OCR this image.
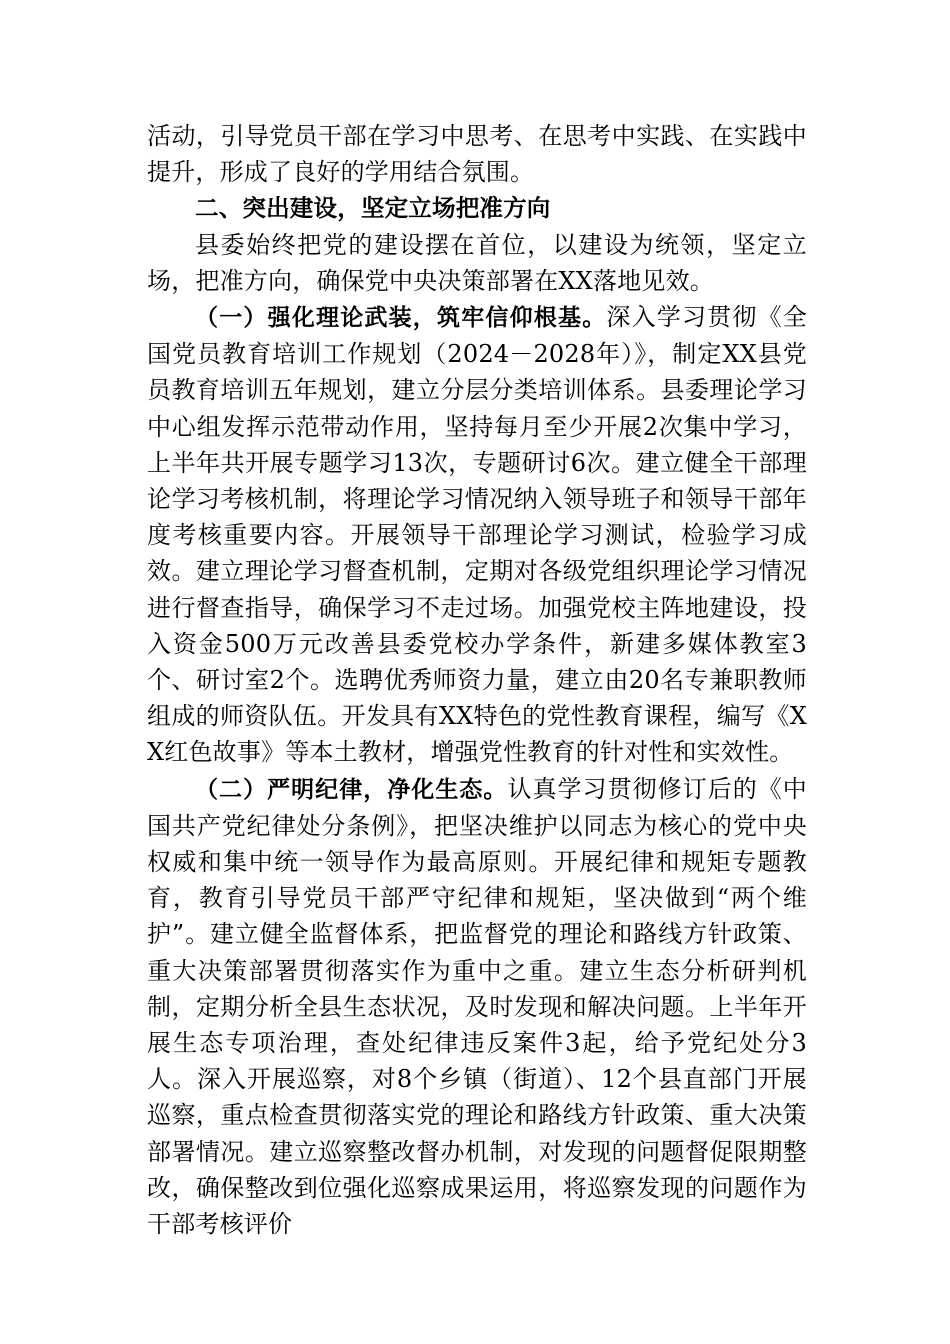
活动，引导党员干部在学习中思考、在思考中实践、在实践中提升，形成了良好的学用结合氛围。

二、突出建设，坚定立场把准方向

县委始终把党的建设摆在首位，以建设为统领，坚定立场，把准方向，确保党中央决策部署在XX落地见效。

（一）强化理论武装，筑牢信仰根基。深入学习贯彻《全国党员教育培训工作规划（2024－2028年）》，制定XX县党员教育培训五年规划，建立分层分类培训体系。县委理论学习中心组发挥示范带动作用，坚持每月至少开展2次集中学习，上半年共开展专题学习13次，专题研讨6次。建立健全干部理论学习考核机制，将理论学习情况纳入领导班子和领导干部年度考核重要内容。开展领导干部理论学习测试，检验学习成效。建立理论学习督查机制，定期对各级党组织理论学习情况进行督查指导，确保学习不走过场。加强党校主阵地建设，投入资金500万元改善县委党校办学条件，新建多媒体教室3个、研讨室2个。选聘优秀师资力量，建立由20名专兼职教师组成的师资队伍。开发具有XX特色的党性教育课程，编写《XX红色故事》等本土教材，增强党性教育的针对性和实效性。

（二）严明纪律，净化生态。认真学习贯彻修订后的《中国共产党纪律处分条例》，把坚决维护以同志为核心的党中央权威和集中统一领导作为最高原则。开展纪律和规矩专题教育，教育引导党员干部严守纪律和规矩，坚决做到“两个维护”。建立健全监督体系，把监督党的理论和路线方针政策、重大决策部署贯彻落实作为重中之重。建立生态分析研判机制，定期分析全县生态状况，及时发现和解决问题。上半年开展生态专项治理，查处纪律违反案件3起，给予党纪处分3人。深入开展巡察，对8个乡镇（街道）、12个县直部门开展巡察，重点检查贯彻落实党的理论和路线方针政策、重大决策部署情况。建立巡察整改督办机制，对发现的问题督促限期整改，确保整改到位强化巡察成果运用，将巡察发现的问题作为干部考核评价
